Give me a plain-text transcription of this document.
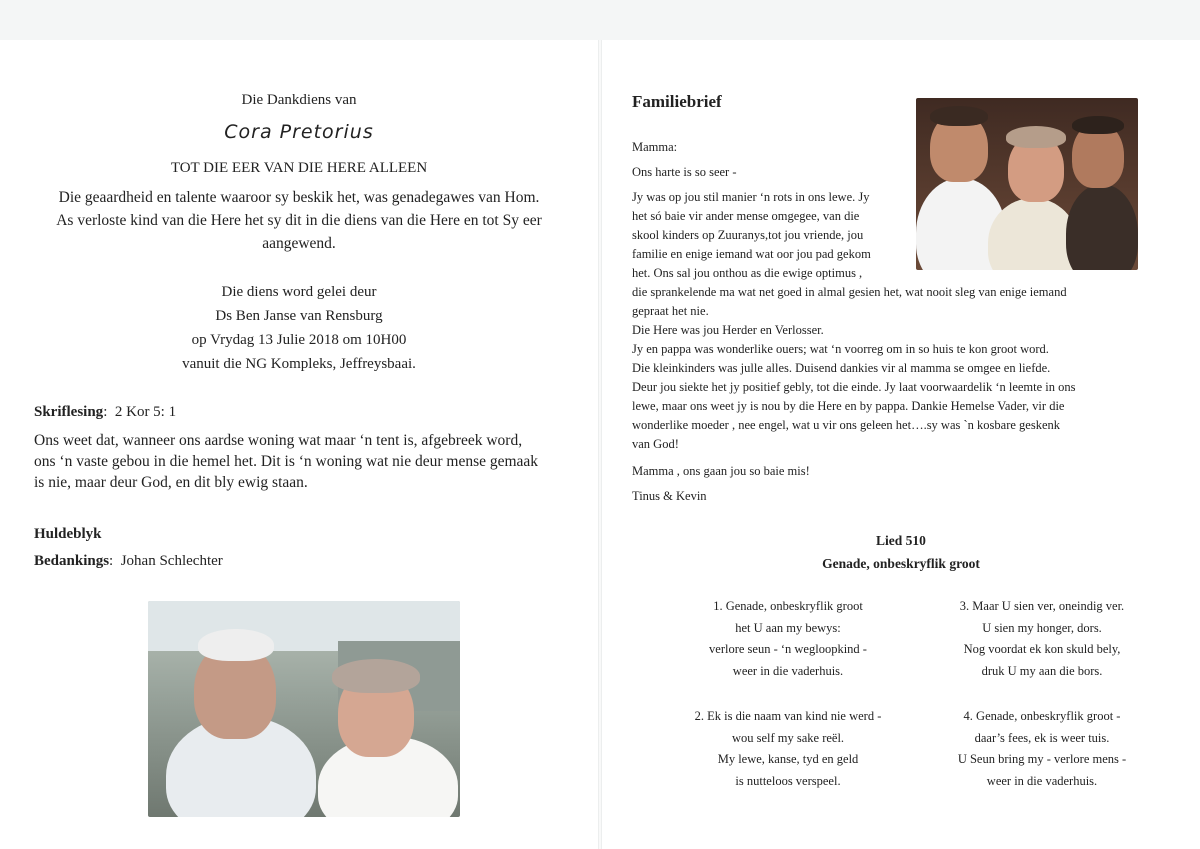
Die Dankdiens van
Cora Pretorius
TOT DIE EER VAN DIE HERE ALLEEN
Die geaardheid en talente waaroor sy beskik het, was genadegawes van Hom.
As verloste kind van die Here het sy dit in die diens van die Here en tot Sy eer
aangewend.
Die diens word gelei deur
Ds Ben Janse van Rensburg
op Vrydag 13 Julie 2018 om 10H00
vanuit die NG Kompleks, Jeffreysbaai.
Skriflesing:  2 Kor 5: 1
Ons weet dat, wanneer ons aardse woning wat maar ‘n tent is, afgebreek word,
ons ‘n vaste gebou in die hemel het. Dit is ‘n woning wat nie deur mense gemaak
is nie, maar deur God, en dit bly ewig staan.
Huldeblyk
Bedankings:  Johan Schlechter
Familiebrief

Mamma:

Ons harte is so seer -

Jy was op jou stil manier ‘n rots in ons lewe. Jy
het só baie vir ander mense omgegee, van die
skool kinders op Zuuranys,tot jou vriende, jou
familie en enige iemand wat oor jou pad gekom
het. Ons sal jou onthou as die ewige optimus ,
die sprankelende ma wat net goed in almal gesien het, wat nooit sleg van enige iemand
gepraat het nie.
Die Here was jou Herder en Verlosser.
Jy en pappa was wonderlike ouers; wat ‘n voorreg om in so huis te kon groot word.
Die kleinkinders was julle alles. Duisend dankies vir al mamma se omgee en liefde.
Deur jou siekte het jy positief gebly, tot die einde. Jy laat voorwaardelik ‘n leemte in ons
lewe, maar ons weet jy is nou by die Here en by pappa. Dankie Hemelse Vader, vir die
wonderlike moeder , nee engel, wat u vir ons geleen het….sy was `n kosbare geskenk
van God!

Mamma , ons gaan jou so baie mis!

Tinus & Kevin

Lied 510
Genade, onbeskryflik groot
1. Genade, onbeskryflik groot
het U aan my bewys:
verlore seun - ‘n wegloopkind -
weer in die vaderhuis.
2. Ek is die naam van kind nie werd -
wou self my sake reël.
My lewe, kanse, tyd en geld
is nutteloos verspeel.
3. Maar U sien ver, oneindig ver.
U sien my honger, dors.
Nog voordat ek kon skuld bely,
druk U my aan die bors.
4. Genade, onbeskryflik groot -
daar’s fees, ek is weer tuis.
U Seun bring my - verlore mens -
weer in die vaderhuis.
